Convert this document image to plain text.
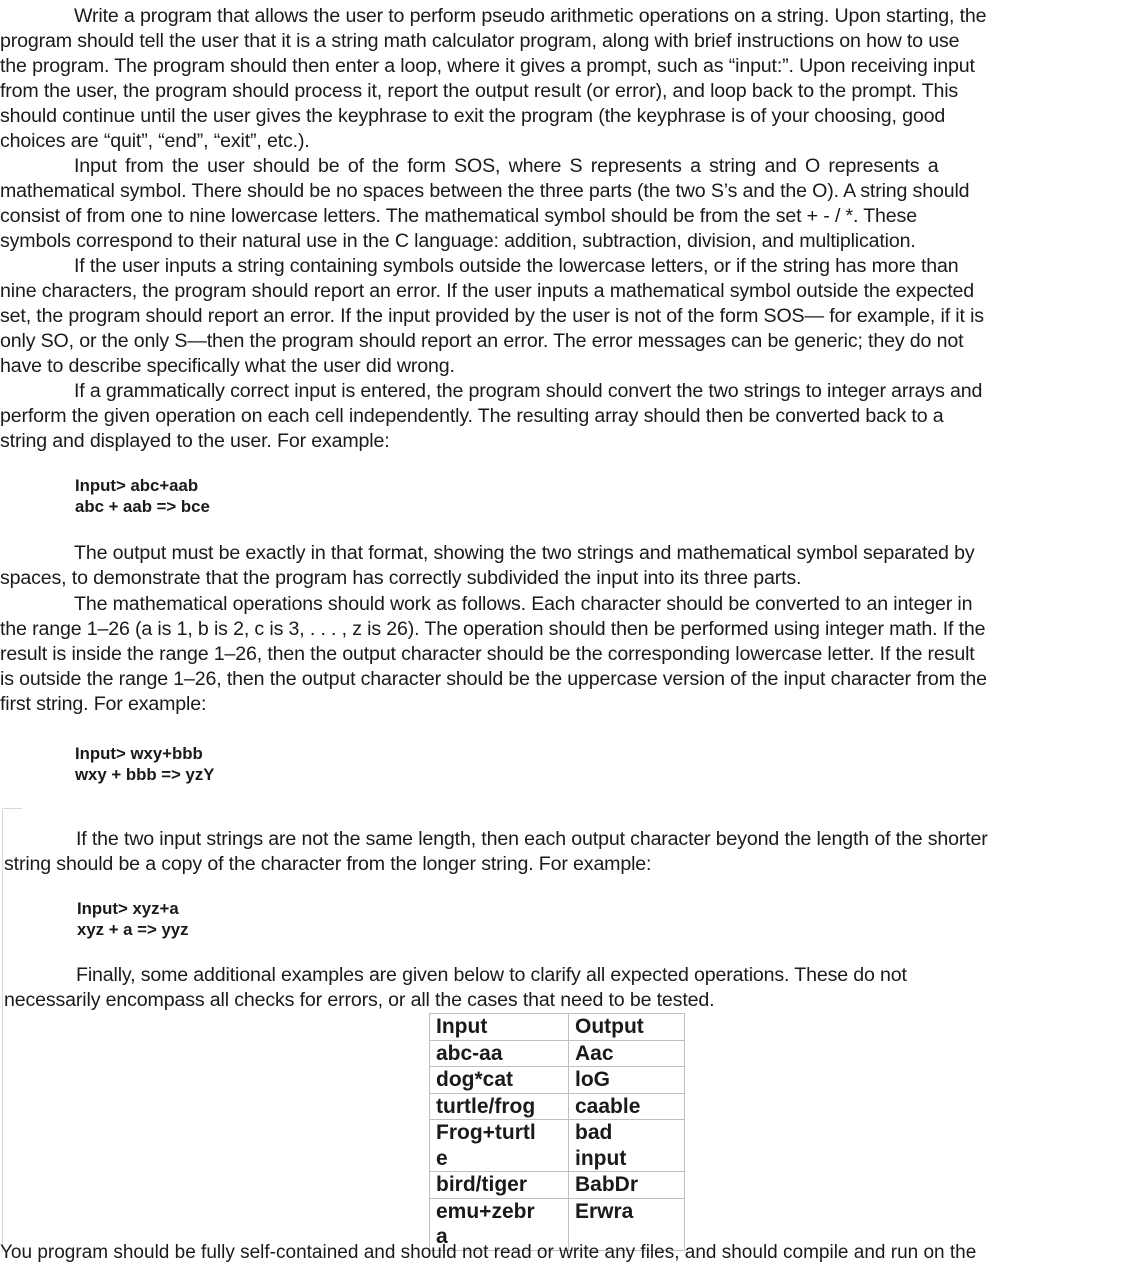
Write a program that allows the user to perform pseudo arithmetic operations on a string. Upon starting, the
program should tell the user that it is a string math calculator program, along with brief instructions on how to use
the program. The program should then enter a loop, where it gives a prompt, such as “input:”. Upon receiving input
from the user, the program should process it, report the output result (or error), and loop back to the prompt. This
should continue until the user gives the keyphrase to exit the program (the keyphrase is of your choosing, good
choices are “quit”, “end”, “exit”, etc.).

Input from the user should be of the form SOS, where S represents a string and O represents a
mathematical symbol. There should be no spaces between the three parts (the two S’s and the O). A string should
consist of from one to nine lowercase letters. The mathematical symbol should be from the set + - / *. These
symbols correspond to their natural use in the C language: addition, subtraction, division, and multiplication.

If the user inputs a string containing symbols outside the lowercase letters, or if the string has more than
nine characters, the program should report an error. If the user inputs a mathematical symbol outside the expected
set, the program should report an error. If the input provided by the user is not of the form SOS— for example, if it is
only SO, or the only S—then the program should report an error. The error messages can be generic; they do not
have to describe specifically what the user did wrong.

If a grammatically correct input is entered, the program should convert the two strings to integer arrays and
perform the given operation on each cell independently. The resulting array should then be converted back to a
string and displayed to the user. For example:

Input> abc+aab
abc + aab => bce

The output must be exactly in that format, showing the two strings and mathematical symbol separated by
spaces, to demonstrate that the program has correctly subdivided the input into its three parts.

The mathematical operations should work as follows. Each character should be converted to an integer in
the range 1–26 (a is 1, b is 2, c is 3, . . . , z is 26). The operation should then be performed using integer math. If the
result is inside the range 1–26, then the output character should be the corresponding lowercase letter. If the result
is outside the range 1–26, then the output character should be the uppercase version of the input character from the
first string. For example:

Input> wxy+bbb
wxy + bbb => yzY

If the two input strings are not the same length, then each output character beyond the length of the shorter
string should be a copy of the character from the longer string. For example:

Input> xyz+a
xyz + a => yyz

Finally, some additional examples are given below to clarify all expected operations. These do not
necessarily encompass all checks for errors, or all the cases that need to be tested.

Input	Output
abc-aa	Aac
dog*cat	loG
turtle/frog	caable
Frog+turtl
e	bad
input
bird/tiger	BabDr
emu+zebr
a	Erwra
You program should be fully self-contained and should not read or write any files, and should compile and run on the
